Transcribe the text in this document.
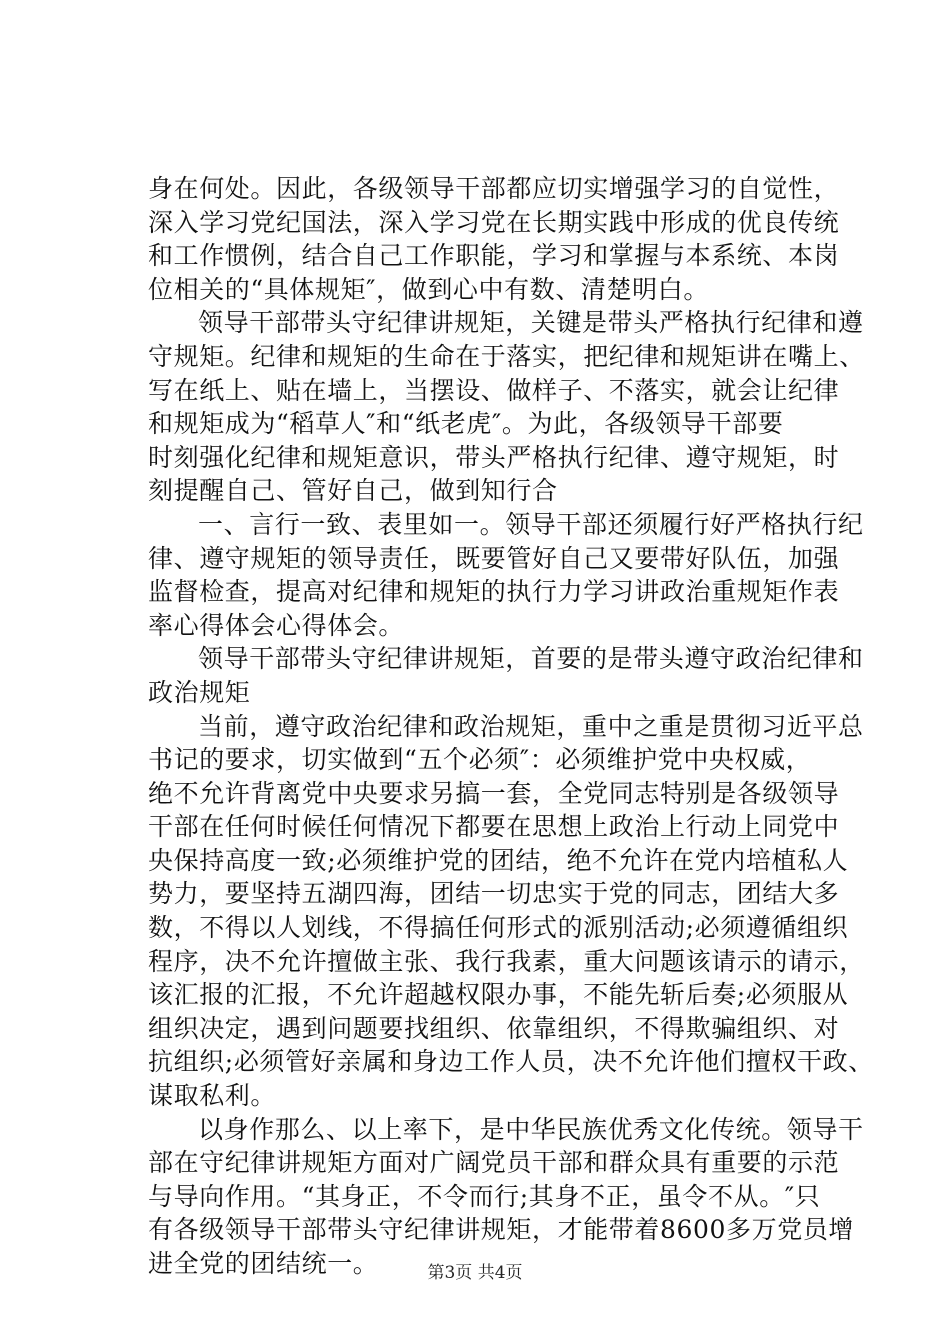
身在何处。因此，各级领导干部都应切实增强学习的自觉性，
深入学习党纪国法，深入学习党在长期实践中形成的优良传统
和工作惯例，结合自己工作职能，学习和掌握与本系统、本岗
位相关的“具体规矩″，做到心中有数、清楚明白。
领导干部带头守纪律讲规矩，关键是带头严格执行纪律和遵
守规矩。纪律和规矩的生命在于落实，把纪律和规矩讲在嘴上、
写在纸上、贴在墙上，当摆设、做样子、不落实，就会让纪律
和规矩成为“稻草人″和“纸老虎″。为此，各级领导干部要
时刻强化纪律和规矩意识，带头严格执行纪律、遵守规矩，时
刻提醒自己、管好自己，做到知行合
一、言行一致、表里如一。领导干部还须履行好严格执行纪
律、遵守规矩的领导责任，既要管好自己又要带好队伍，加强
监督检查，提高对纪律和规矩的执行力学习讲政治重规矩作表
率心得体会心得体会。
领导干部带头守纪律讲规矩，首要的是带头遵守政治纪律和
政治规矩
当前，遵守政治纪律和政治规矩，重中之重是贯彻习近平总
书记的要求，切实做到“五个必须″：必须维护党中央权威，
绝不允许背离党中央要求另搞一套，全党同志特别是各级领导
干部在任何时候任何情况下都要在思想上政治上行动上同党中
央保持高度一致;必须维护党的团结，绝不允许在党内培植私人
势力，要坚持五湖四海，团结一切忠实于党的同志，团结大多
数，不得以人划线，不得搞任何形式的派别活动;必须遵循组织
程序，决不允许擅做主张、我行我素，重大问题该请示的请示，
该汇报的汇报，不允许超越权限办事，不能先斩后奏;必须服从
组织决定，遇到问题要找组织、依靠组织，不得欺骗组织、对
抗组织;必须管好亲属和身边工作人员，决不允许他们擅权干政、
谋取私利。
以身作那么、以上率下，是中华民族优秀文化传统。领导干
部在守纪律讲规矩方面对广阔党员干部和群众具有重要的示范
与导向作用。“其身正，不令而行;其身不正，虽令不从。″只
有各级领导干部带头守纪律讲规矩，才能带着8600多万党员增
进全党的团结统一。	第3页 共4页
